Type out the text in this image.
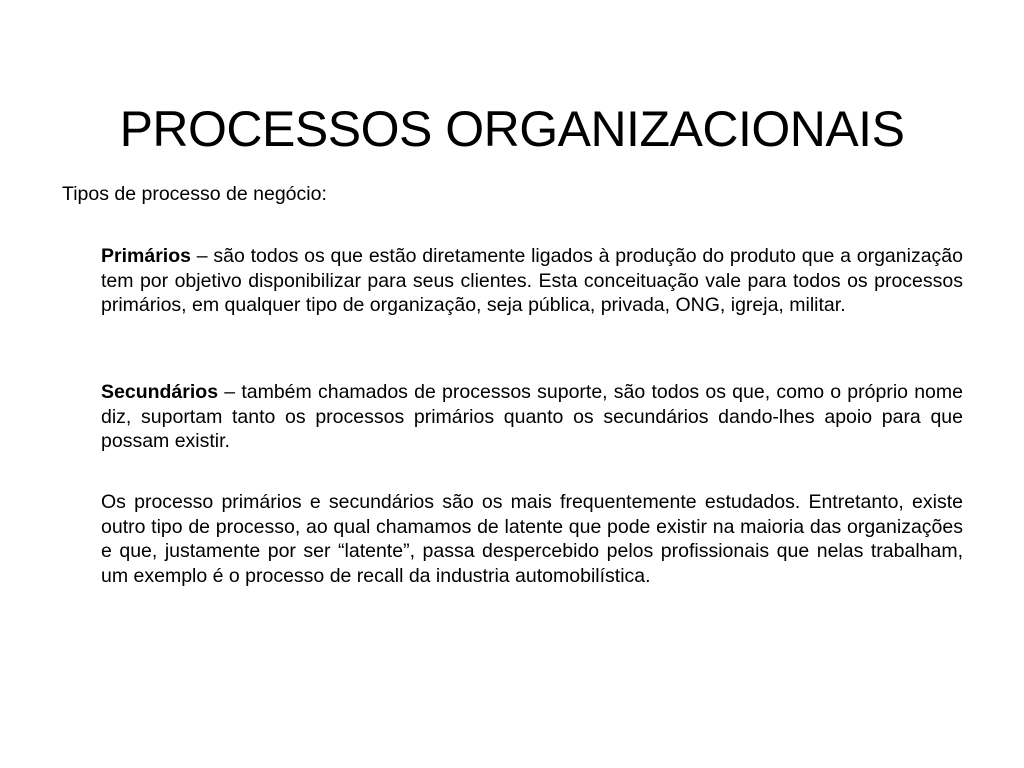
PROCESSOS ORGANIZACIONAIS
Tipos de processo de negócio:

Primários – são todos os que estão diretamente ligados à produção do produto que a organização tem por objetivo disponibilizar para seus clientes. Esta conceituação vale para todos os processos primários, em qualquer tipo de organização, seja pública, privada, ONG, igreja, militar.

Secundários – também chamados de processos suporte, são todos os que, como o próprio nome diz, suportam tanto os processos primários quanto os secundários dando-lhes apoio para que possam existir.

Os processo primários e secundários são os mais frequentemente estudados. Entretanto, existe outro tipo de processo, ao qual chamamos de latente que pode existir na maioria das organizações e que, justamente por ser “latente”, passa despercebido pelos profissionais que nelas trabalham, um exemplo é o processo de recall da industria automobilística.
